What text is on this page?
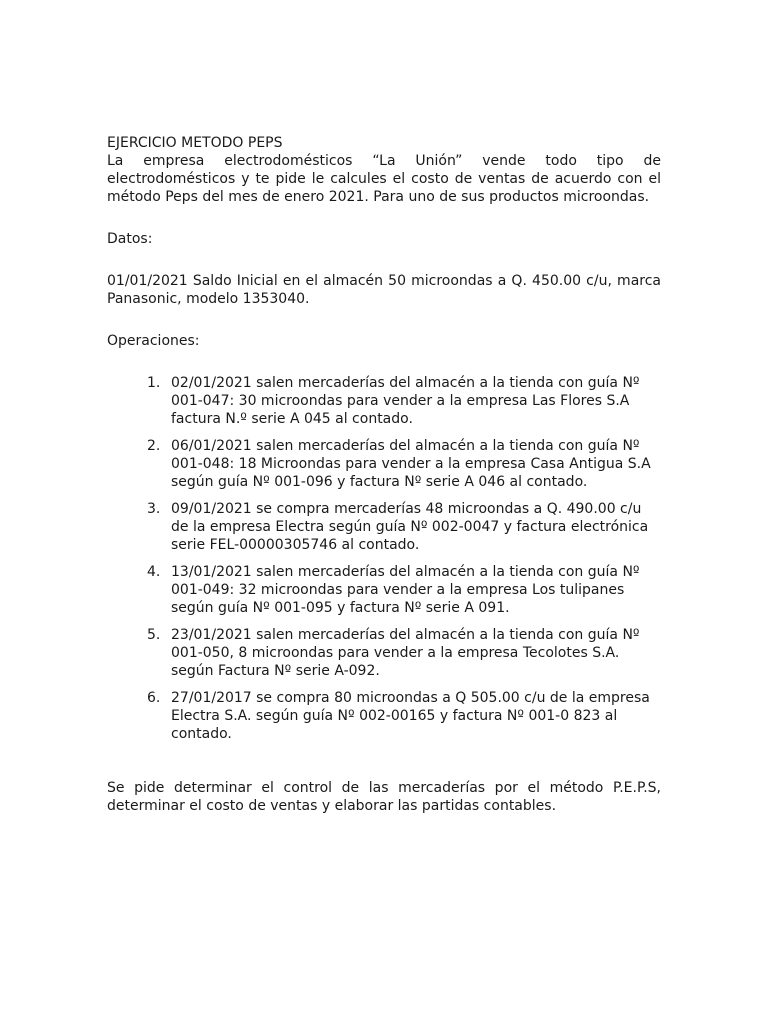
EJERCICIO METODO PEPS

La empresa electrodomésticos “La Unión” vende todo tipo de electrodomésticos y te pide le calcules el costo de ventas de acuerdo con el método Peps del mes de enero 2021. Para uno de sus productos microondas.

Datos:

01/01/2021 Saldo Inicial en el almacén 50 microondas a Q. 450.00 c/u, marca Panasonic, modelo 1353040.

Operaciones:

1. 02/01/2021 salen mercaderías del almacén a la tienda con guía Nº 001-047: 30 microondas para vender a la empresa Las Flores S.A factura N.º serie A 045 al contado.
2. 06/01/2021 salen mercaderías del almacén a la tienda con guía Nº 001-048: 18 Microondas para vender a la empresa Casa Antigua S.A según guía Nº 001-096 y factura Nº serie A 046 al contado.
3. 09/01/2021 se compra mercaderías 48 microondas a Q. 490.00 c/u de la empresa Electra según guía Nº 002-0047 y factura electrónica serie FEL-00000305746 al contado.
4. 13/01/2021 salen mercaderías del almacén a la tienda con guía Nº 001-049: 32 microondas para vender a la empresa Los tulipanes según guía Nº 001-095 y factura Nº serie A 091.
5. 23/01/2021 salen mercaderías del almacén a la tienda con guía Nº 001-050, 8 microondas para vender a la empresa Tecolotes S.A. según Factura Nº serie A-092.
6. 27/01/2017 se compra 80 microondas a Q 505.00 c/u de la empresa Electra S.A. según guía Nº 002-00165 y factura Nº 001-0 823 al contado.

Se pide determinar el control de las mercaderías por el método P.E.P.S, determinar el costo de ventas y elaborar las partidas contables.
